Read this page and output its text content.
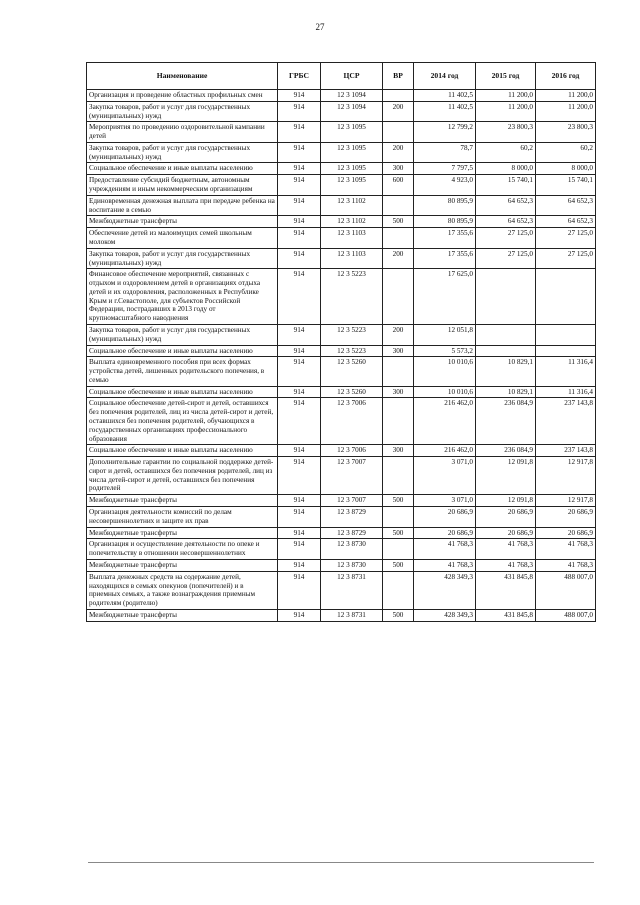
27
Наименование	ГРБС	ЦСР	ВР	2014 год	2015 год	2016 год
Организация и проведение областных профильных смен	914	12 3 1094		11 402,5	11 200,0	11 200,0
Закупка товаров, работ и услуг для государственных (муниципальных) нужд	914	12 3 1094	200	11 402,5	11 200,0	11 200,0
Мероприятия по проведению оздоровительной кампании детей	914	12 3 1095		12 799,2	23 800,3	23 800,3
Закупка товаров, работ и услуг для государственных (муниципальных) нужд	914	12 3 1095	200	78,7	60,2	60,2
Социальное обеспечение и иные выплаты населению	914	12 3 1095	300	7 797,5	8 000,0	8 000,0
Предоставление субсидий бюджетным, автономным учреждениям и иным некоммерческим организациям	914	12 3 1095	600	4 923,0	15 740,1	15 740,1
Единовременная денежная выплата при передаче ребенка на воспитание в семью	914	12 3 1102		80 895,9	64 652,3	64 652,3
Межбюджетные трансферты	914	12 3 1102	500	80 895,9	64 652,3	64 652,3
Обеспечение детей из малоимущих семей школьным молоком	914	12 3 1103		17 355,6	27 125,0	27 125,0
Закупка товаров, работ и услуг для государственных (муниципальных) нужд	914	12 3 1103	200	17 355,6	27 125,0	27 125,0
Финансовое обеспечение мероприятий, связанных с отдыхом и оздоровлением детей в организациях отдыха детей и их оздоровления, расположенных в Республике Крым и г.Севастополе, для субъектов Российской Федерации, пострадавших в 2013 году от крупномасштабного наводнения	914	12 3 5223		17 625,0		
Закупка товаров, работ и услуг для государственных (муниципальных) нужд	914	12 3 5223	200	12 051,8		
Социальное обеспечение и иные выплаты населению	914	12 3 5223	300	5 573,2		
Выплата единовременного пособия при всех формах устройства детей, лишенных родительского попечения, в семью	914	12 3 5260		10 010,6	10 829,1	11 316,4
Социальное обеспечение и иные выплаты населению	914	12 3 5260	300	10 010,6	10 829,1	11 316,4
Социальное обеспечение детей-сирот и детей, оставшихся без попечения родителей, лиц из числа детей-сирот и детей, оставшихся без попечения родителей, обучающихся в государственных организациях профессионального образования	914	12 3 7006		216 462,0	236 084,9	237 143,8
Социальное обеспечение и иные выплаты населению	914	12 3 7006	300	216 462,0	236 084,9	237 143,8
Дополнительные гарантии по социальной поддержке детей-сирот и детей, оставшихся без попечения родителей, лиц из числа детей-сирот и детей, оставшихся без попечения родителей	914	12 3 7007		3 071,0	12 091,8	12 917,8
Межбюджетные трансферты	914	12 3 7007	500	3 071,0	12 091,8	12 917,8
Организация деятельности комиссий по делам несовершеннолетних и защите их прав	914	12 3 8729		20 686,9	20 686,9	20 686,9
Межбюджетные трансферты	914	12 3 8729	500	20 686,9	20 686,9	20 686,9
Организация и осуществление деятельности по опеке и попечительству в отношении несовершеннолетних	914	12 3 8730		41 768,3	41 768,3	41 768,3
Межбюджетные трансферты	914	12 3 8730	500	41 768,3	41 768,3	41 768,3
Выплата денежных средств на содержание детей, находящихся в семьях опекунов (попечителей) и в приемных семьях, а также вознаграждения приемным родителям (родителю)	914	12 3 8731		428 349,3	431 845,8	488 007,0
Межбюджетные трансферты	914	12 3 8731	500	428 349,3	431 845,8	488 007,0
